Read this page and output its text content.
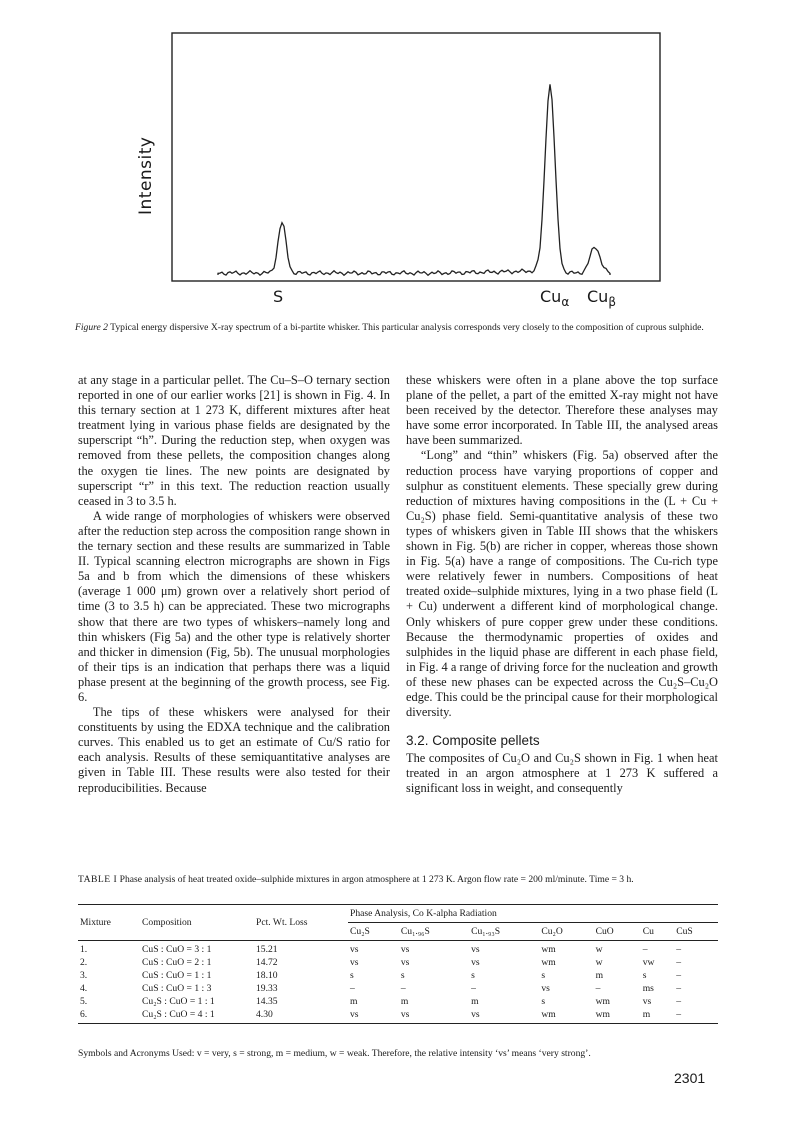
Intensity
S	$Cu_\alpha$ $Cu_\beta$
Figure 2 Typical energy dispersive X-ray spectrum of a bi-partite whisker. This particular analysis corresponds very closely to the composition of cuprous sulphide.

at any stage in a particular pellet. The Cu–S–O ternary section reported in one of our earlier works [21] is shown in Fig. 4. In this ternary section at 1 273 K, different mixtures after heat treatment lying in various phase fields are designated by the superscript “h”. During the reduction step, when oxygen was removed from these pellets, the composition changes along the oxygen tie lines. The new points are designated by superscript “r” in this text. The reduction reaction usually ceased in 3 to 3.5 h.

A wide range of morphologies of whiskers were observed after the reduction step across the composition range shown in the ternary section and these results are summarized in Table II. Typical scanning electron micrographs are shown in Figs 5a and b from which the dimensions of these whiskers (average 1 000 μm) grown over a relatively short period of time (3 to 3.5 h) can be appreciated. These two micrographs show that there are two types of whiskers–namely long and thin whiskers (Fig 5a) and the other type is relatively shorter and thicker in dimension (Fig, 5b). The unusual morphologies of their tips is an indication that perhaps there was a liquid phase present at the beginning of the growth process, see Fig. 6.

The tips of these whiskers were analysed for their constituents by using the EDXA technique and the calibration curves. This enabled us to get an estimate of Cu/S ratio for each analysis. Results of these semiquantitative analyses are given in Table III. These results were also tested for their reproducibilities. Because

these whiskers were often in a plane above the top surface plane of the pellet, a part of the emitted X-ray might not have been received by the detector. Therefore these analyses may have some error incorporated. In Table III, the analysed areas have been summarized.

“Long” and “thin” whiskers (Fig. 5a) observed after the reduction process have varying proportions of copper and sulphur as constituent elements. These specially grew during reduction of mixtures having compositions in the (L + Cu + Cu₂S) phase field. Semi-quantitative analysis of these two types of whiskers given in Table III shows that the whiskers shown in Fig. 5(b) are richer in copper, whereas those shown in Fig. 5(a) have a range of compositions. The Cu-rich type were relatively fewer in numbers. Compositions of heat treated oxide–sulphide mixtures, lying in a two phase field (L + Cu) underwent a different kind of morphological change. Only whiskers of pure copper grew under these conditions. Because the thermodynamic properties of oxides and sulphides in the liquid phase are different in each phase field, in Fig. 4 a range of driving force for the nucleation and growth of these new phases can be expected across the Cu₂S–Cu₂O edge. This could be the principal cause for their morphological diversity.

3.2. Composite pellets

The composites of Cu₂O and Cu₂S shown in Fig. 1 when heat treated in an argon atmosphere at 1 273 K suffered a significant loss in weight, and consequently

TABLE I Phase analysis of heat treated oxide–sulphide mixtures in argon atmosphere at 1 273 K. Argon flow rate = 200 ml/minute. Time = 3 h.
Mixture	Composition	Pct. Wt. Loss	Phase Analysis, Co K-alpha Radiation						
			Cu₂S	Cu₁.₉₆S	Cu₁.₉₃S	Cu₂O	CuO	Cu	CuS
1.	CuS : CuO = 3 : 1	15.21	vs	vs	vs	wm	w	–	–
2.	CuS : CuO = 2 : 1	14.72	vs	vs	vs	wm	w	vw	–
3.	CuS : CuO = 1 : 1	18.10	s	s	s	s	m	s	–
4.	CuS : CuO = 1 : 3	19.33	–	–	–	vs	–	ms	–
5.	Cu₂S : CuO = 1 : 1	14.35	m	m	m	s	wm	vs	–
6.	Cu₂S : CuO = 4 : 1	4.30	vs	vs	vs	wm	wm	m	–
Symbols and Acronyms Used: v = very, s = strong, m = medium, w = weak. Therefore, the relative intensity ‘vs’ means ‘very strong’.
2301
